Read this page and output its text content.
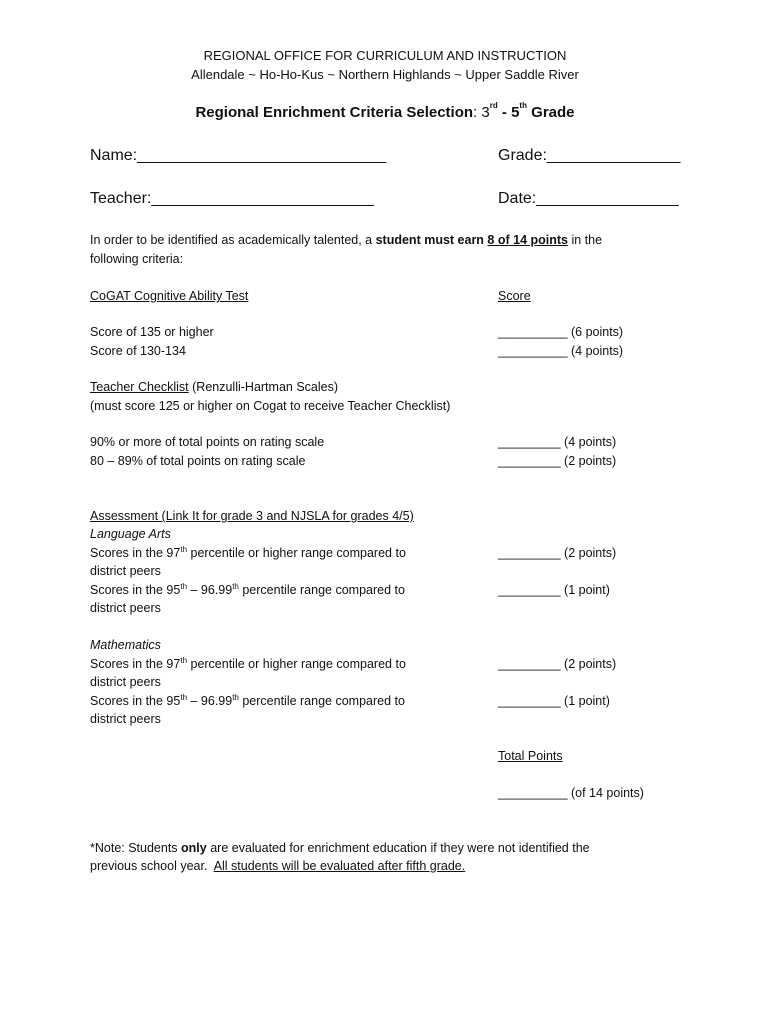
REGIONAL OFFICE FOR CURRICULUM AND INSTRUCTION
Allendale ~ Ho-Ho-Kus ~ Northern Highlands ~ Upper Saddle River
Regional Enrichment Criteria Selection: 3rd - 5th Grade
Name:____________________________	Grade:_______________
Teacher:_________________________	Date:________________
In order to be identified as academically talented, a student must earn 8 of 14 points in the
following criteria:
CoGAT Cognitive Ability Test	Score
Score of 135 or higher	__________ (6 points)
Score of 130-134	__________ (4 points)
Teacher Checklist (Renzulli-Hartman Scales)
(must score 125 or higher on Cogat to receive Teacher Checklist)
90% or more of total points on rating scale	_________ (4 points)
80 – 89% of total points on rating scale	_________ (2 points)
Assessment (Link It for grade 3 and NJSLA for grades 4/5)
Language Arts
Scores in the 97th percentile or higher range compared to
district peers
_________ (2 points)
Scores in the 95th – 96.99th percentile range compared to
district peers
_________ (1 point)
Mathematics
Scores in the 97th percentile or higher range compared to
district peers
_________ (2 points)
Scores in the 95th – 96.99th percentile range compared to
district peers
_________ (1 point)
Total Points
__________ (of 14 points)
*Note: Students only are evaluated for enrichment education if they were not identified the
previous school year.  All students will be evaluated after fifth grade.
